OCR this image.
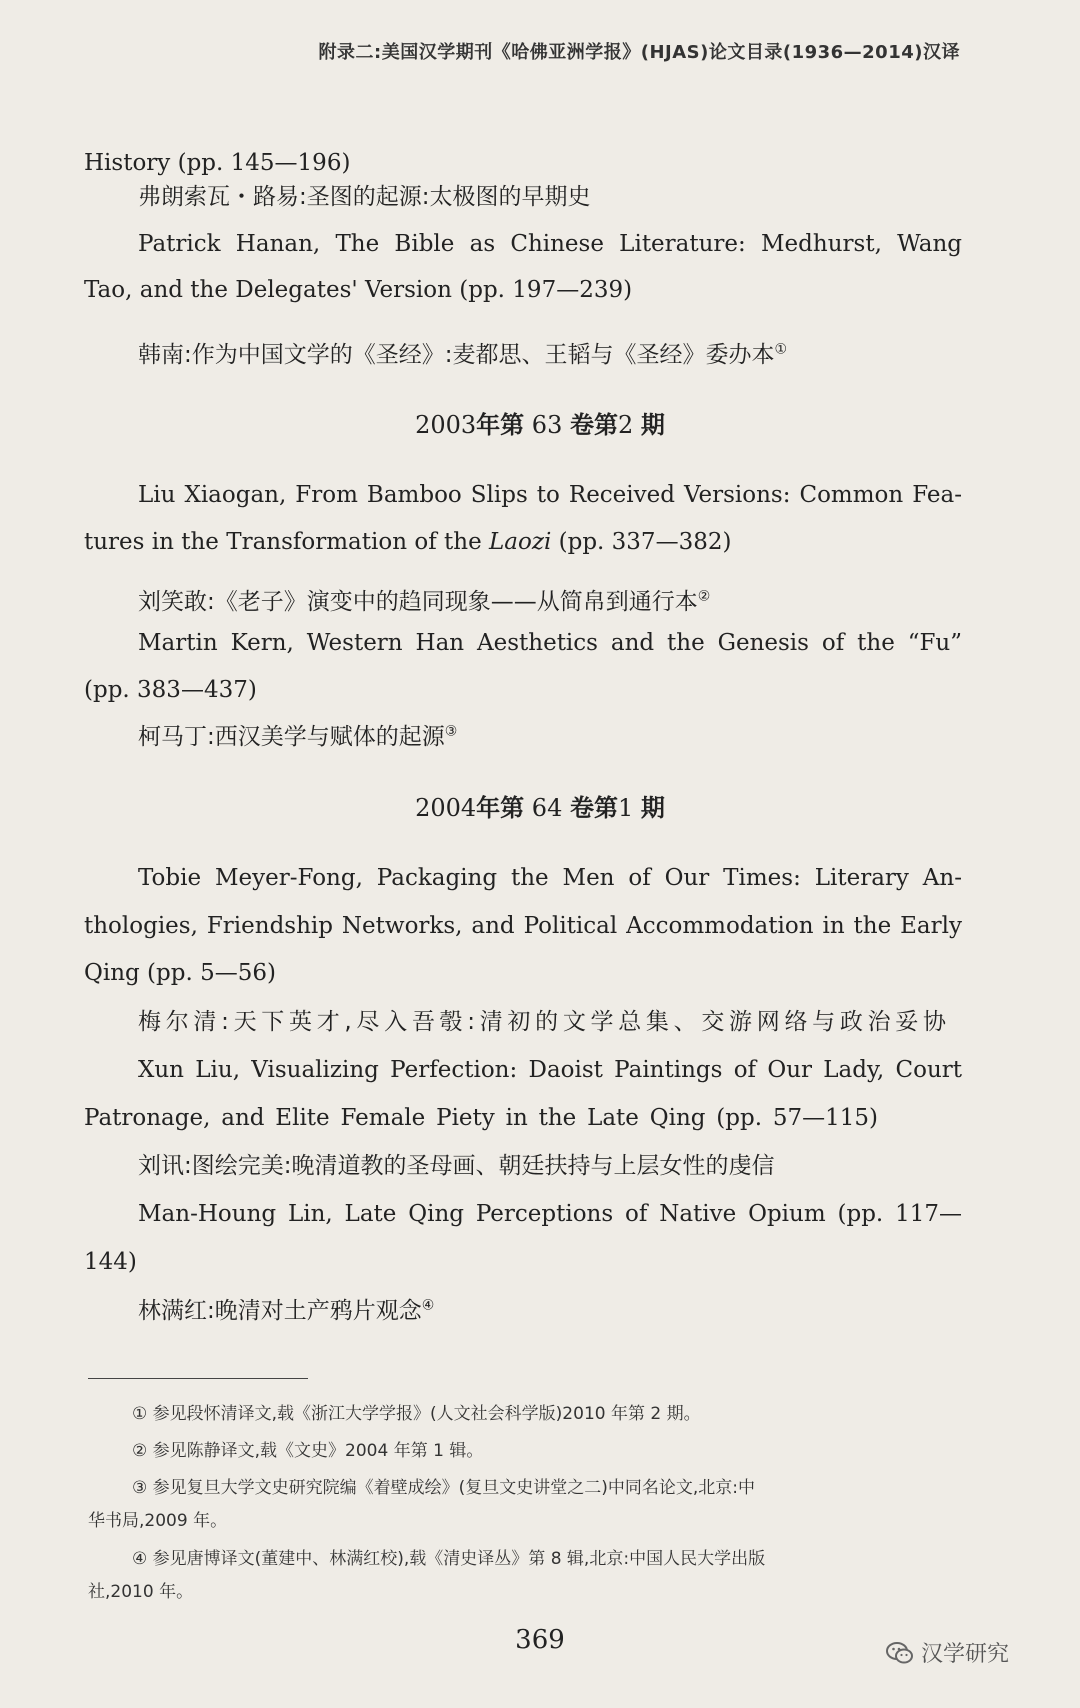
附录二:美国汉学期刊《哈佛亚洲学报》(HJAS)论文目录(1936—2014)汉译
History (pp. 145—196)
弗朗索瓦・路易:圣图的起源:太极图的早期史
Patrick Hanan, The Bible as Chinese Literature: Medhurst, Wang
Tao, and the Delegates' Version (pp. 197—239)
韩南:作为中国文学的《圣经》:麦都思、王韬与《圣经》委办本①
2003年第 63 卷第2 期
Liu Xiaogan, From Bamboo Slips to Received Versions: Common Fea-
tures in the Transformation of the Laozi (pp. 337—382)
刘笑敢:《老子》演变中的趋同现象——从简帛到通行本②
Martin Kern, Western Han Aesthetics and the Genesis of the “Fu”
(pp. 383—437)
柯马丁:西汉美学与赋体的起源③
2004年第 64 卷第1 期
Tobie Meyer-Fong, Packaging the Men of Our Times: Literary An-
thologies, Friendship Networks, and Political Accommodation in the Early
Qing (pp. 5—56)
梅尔清:天下英才,尽入吾彀:清初的文学总集、交游网络与政治妥协
Xun Liu, Visualizing Perfection: Daoist Paintings of Our Lady, Court
Patronage, and Elite Female Piety in the Late Qing (pp. 57—115)
刘讯:图绘完美:晚清道教的圣母画、朝廷扶持与上层女性的虔信
Man-Houng Lin, Late Qing Perceptions of Native Opium (pp. 117—
144)
林满红:晚清对土产鸦片观念④
① 参见段怀清译文,载《浙江大学学报》(人文社会科学版)2010 年第 2 期。
② 参见陈静译文,载《文史》2004 年第 1 辑。
③ 参见复旦大学文史研究院编《着壁成绘》(复旦文史讲堂之二)中同名论文,北京:中
华书局,2009 年。
④ 参见唐博译文(董建中、林满红校),载《清史译丛》第 8 辑,北京:中国人民大学出版
社,2010 年。
369	汉学研究
